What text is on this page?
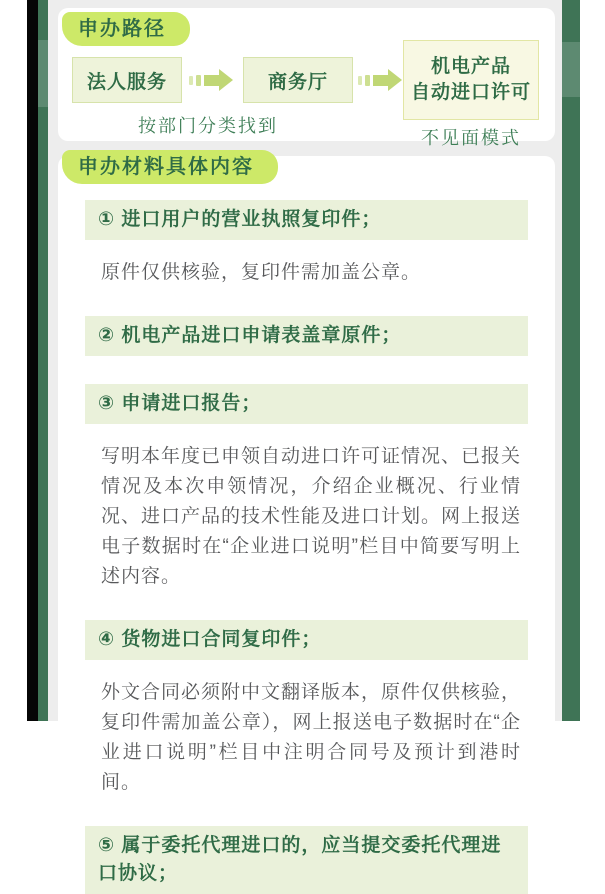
申办路径
法人服务	商务厅
机电产品
自动进口许可
按部门分类找到
不见面模式
申办材料具体内容
① 进口用户的营业执照复印件；
原件仅供核验，复印件需加盖公章。
② 机电产品进口申请表盖章原件；
③ 申请进口报告；
写明本年度已申领自动进口许可证情况、已报关情况及本次申领情况，介绍企业概况、行业情况、进口产品的技术性能及进口计划。网上报送电子数据时在“企业进口说明”栏目中简要写明上述内容。
④ 货物进口合同复印件；
外文合同必须附中文翻译版本，原件仅供核验，复印件需加盖公章），网上报送电子数据时在“企业进口说明”栏目中注明合同号及预计到港时间。
⑤ 属于委托代理进口的，应当提交委托代理进口协议；
